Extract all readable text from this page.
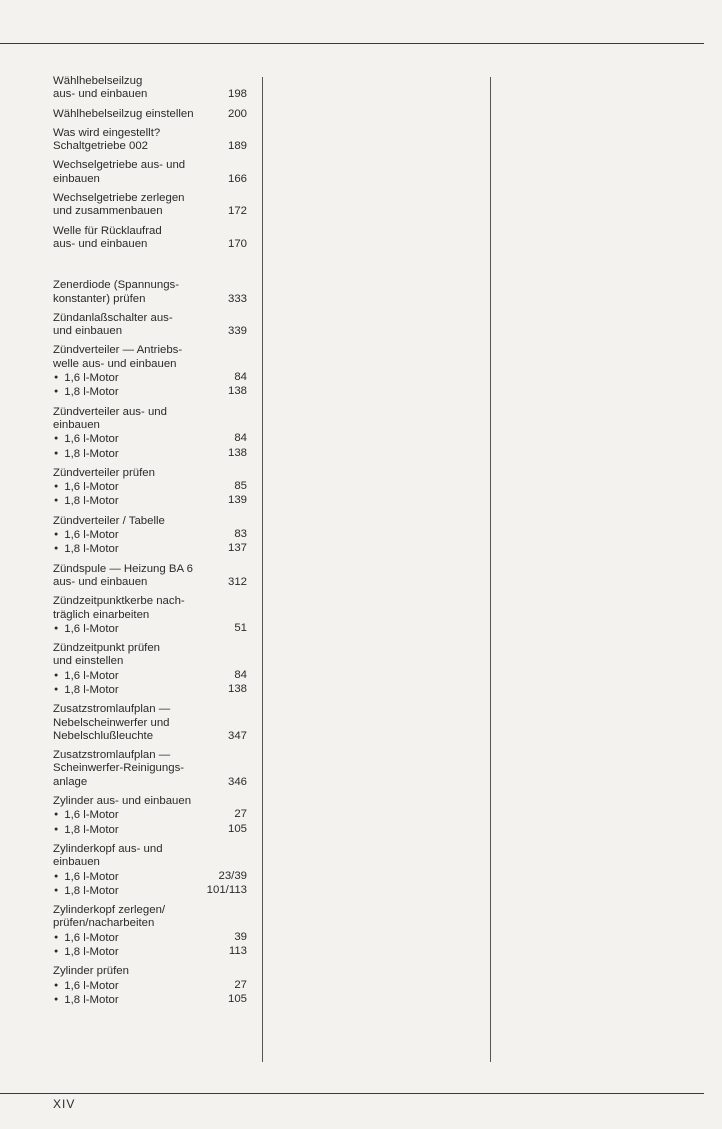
Wählhebelseilzug
aus- und einbauen	198
Wählhebelseilzug einstellen	200
Was wird eingestellt?
Schaltgetriebe 002	189
Wechselgetriebe aus- und
einbauen	166
Wechselgetriebe zerlegen
und zusammenbauen	172
Welle für Rücklaufrad
aus- und einbauen	170
Zenerdiode (Spannungs-
konstanter) prüfen	333
Zündanlaßschalter aus-
und einbauen	339
Zündverteiler — Antriebs-
welle aus- und einbauen
● 1,6 l-Motor	84
● 1,8 l-Motor	138
Zündverteiler aus- und
einbauen
● 1,6 l-Motor	84
● 1,8 l-Motor	138
Zündverteiler prüfen
● 1,6 l-Motor	85
● 1,8 l-Motor	139
Zündverteiler / Tabelle
● 1,6 l-Motor	83
● 1,8 l-Motor	137
Zündspule — Heizung BA 6
aus- und einbauen	312
Zündzeitpunktkerbe nach-
träglich einarbeiten
● 1,6 l-Motor	51
Zündzeitpunkt prüfen
und einstellen
● 1,6 l-Motor	84
● 1,8 l-Motor	138
Zusatzstromlaufplan —
Nebelscheinwerfer und
Nebelschlußleuchte	347
Zusatzstromlaufplan —
Scheinwerfer-Reinigungs-
anlage	346
Zylinder aus- und einbauen
● 1,6 l-Motor	27
● 1,8 l-Motor	105
Zylinderkopf aus- und
einbauen
● 1,6 l-Motor	23/39
● 1,8 l-Motor	101/113
Zylinderkopf zerlegen/
prüfen/nacharbeiten
● 1,6 l-Motor	39
● 1,8 l-Motor	113
Zylinder prüfen
● 1,6 l-Motor	27
● 1,8 l-Motor	105
XIV
